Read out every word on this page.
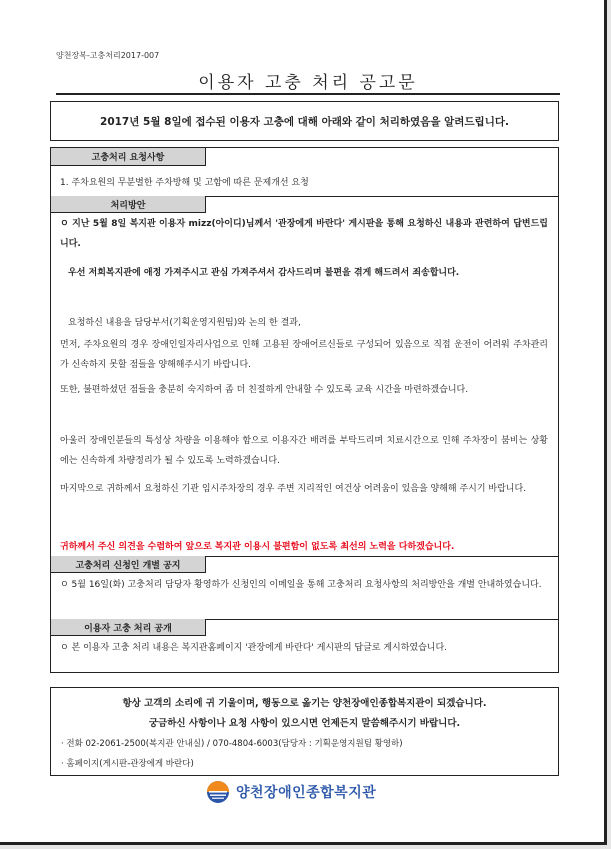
양천장복-고충처리2017-007
이용자 고충 처리 공고문
2017년 5월 8일에 접수된 이용자 고충에 대해 아래와 같이 처리하였음을 알려드립니다.
고충처리 요청사항
1. 주차요원의 무분별한 주차방해 및 고함에 따른 문제개선 요청
처리방안
ㅇ 지난 5월 8일 복지관 이용자 mizz(아이디)님께서 '관장에게 바란다' 게시판을 통해 요청하신 내용과 관련하여 답변드립니다.
우선 저희복지관에 애정 가져주시고 관심 가져주셔서 감사드리며 불편을 겪게 해드려서 죄송합니다.
요청하신 내용을 담당부서(기획운영지원팀)와 논의 한 결과,
먼저, 주차요원의 경우 장애인일자리사업으로 인해 고용된 장애어르신들로 구성되어 있음으로 직접 운전이 어려워 주차관리가 신속하지 못할 점들을 양해해주시기 바랍니다.
또한, 불편하셨던 점들을 충분히 숙지하여 좀 더 친절하게 안내할 수 있도록 교육 시간을 마련하겠습니다.
아울러 장애인분들의 특성상 차량을 이용해야 함으로 이용자간 배려를 부탁드리며 치료시간으로 인해 주차장이 붐비는 상황에는 신속하게 차량정리가 될 수 있도록 노력하겠습니다.
마지막으로 귀하께서 요청하신 기관 임시주차장의 경우 주변 지리적인 여건상 어려움이 있음을 양해해 주시기 바랍니다.
귀하께서 주신 의견을 수렴하여 앞으로 복지관 이용시 불편함이 없도록 최선의 노력을 다하겠습니다.
고충처리 신청인 개별 공지
ㅇ 5월 16일(화) 고충처리 담당자 황영하가 신청인의 이메일을 통해 고충처리 요청사항의 처리방안을 개별 안내하였습니다.
이용자 고충 처리 공개
ㅇ 본 이용자 고충 처리 내용은 복지관홈페이지 '관장에게 바란다' 게시판의 답글로 게시하였습니다.
항상 고객의 소리에 귀 기울이며, 행동으로 옮기는 양천장애인종합복지관이 되겠습니다.
궁금하신 사항이나 요청 사항이 있으시면 언제든지 말씀해주시기 바랍니다.
· 전화 02-2061-2500(복지관 안내실) / 070-4804-6003(담당자 : 기획운영지원팀 황영하)
· 홈페이지(게시판-관장에게 바란다)
양천장애인종합복지관
